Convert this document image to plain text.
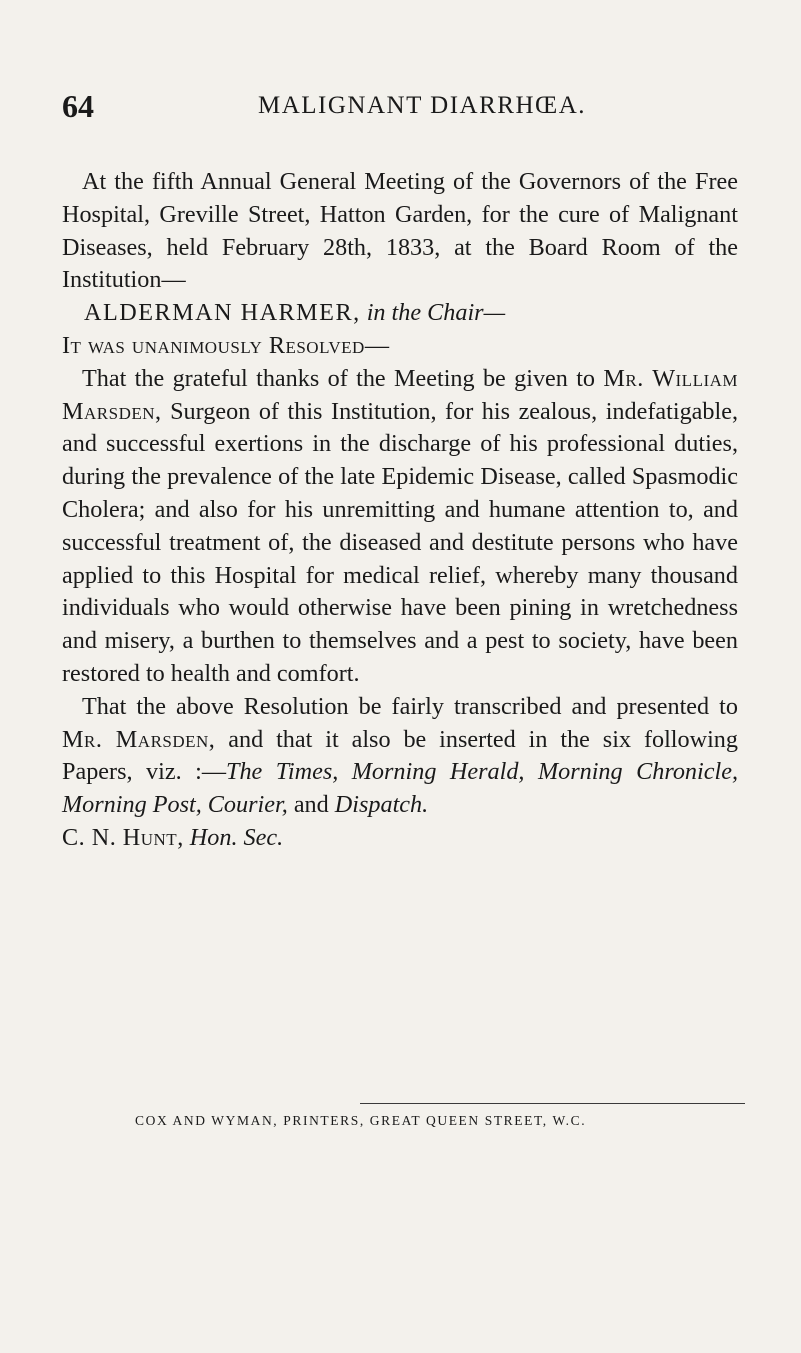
64	MALIGNANT DIARRHŒA.

At the fifth Annual General Meeting of the Governors of the Free Hospital, Greville Street, Hatton Garden, for the cure of Malignant Diseases, held February 28th, 1833, at the Board Room of the Institution—

ALDERMAN HARMER, in the Chair—

It was unanimously Resolved—

That the grateful thanks of the Meeting be given to Mr. William Marsden, Surgeon of this Institution, for his zealous, indefatigable, and successful exertions in the discharge of his professional duties, during the prevalence of the late Epidemic Disease, called Spasmodic Cholera; and also for his unremitting and humane attention to, and successful treatment of, the diseased and destitute persons who have applied to this Hospital for medical relief, whereby many thousand individuals who would otherwise have been pining in wretchedness and misery, a burthen to themselves and a pest to society, have been restored to health and comfort.

That the above Resolution be fairly transcribed and presented to Mr. Marsden, and that it also be inserted in the six following Papers, viz. :—The Times, Morning Herald, Morning Chronicle, Morning Post, Courier, and Dispatch.

C. N. Hunt, Hon. Sec.

COX AND WYMAN, PRINTERS, GREAT QUEEN STREET, W.C.
